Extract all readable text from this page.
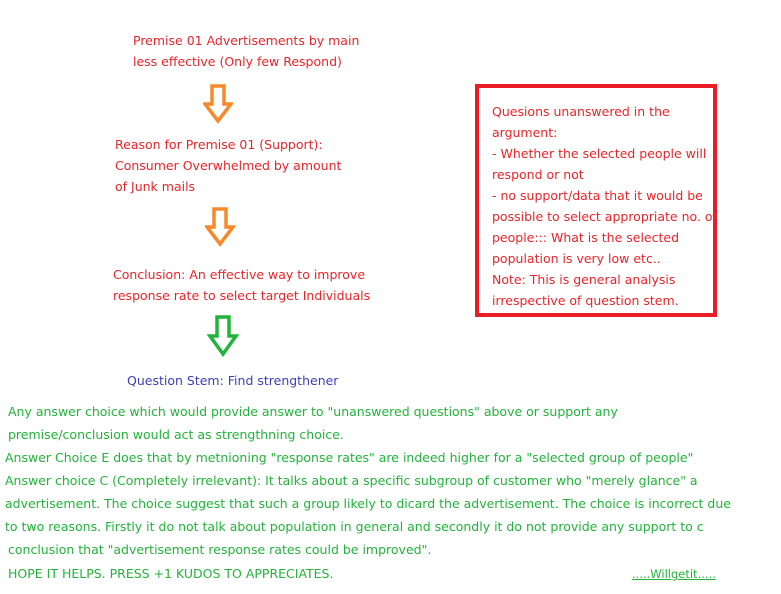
Premise 01 Advertisements by main
less effective (Only few Respond)
Reason for Premise 01 (Support):
Consumer Overwhelmed by amount
of Junk mails
Conclusion: An effective way to improve
response rate to select target Individuals
Question Stem: Find strengthener
Quesions unanswered in the
argument:
- Whether the selected people will
respond or not
- no support/data that it would be
possible to select appropriate no. of
people::: What is the selected
population is very low etc..
Note: This is general analysis
irrespective of question stem.
Any answer choice which would provide answer to "unanswered questions" above or support any
premise/conclusion would act as strengthning choice.
Answer Choice E does that by metnioning "response rates" are indeed higher for a "selected group of people"
Answer choice C (Completely irrelevant): It talks about a specific subgroup of customer who "merely glance" a
advertisement. The choice suggest that such a group likely to dicard the advertisement. The choice is incorrect due
to two reasons. Firstly it do not talk about population in general and secondly it do not provide any support to c
conclusion that "advertisement response rates could be improved".
HOPE IT HELPS. PRESS +1 KUDOS TO APPRECIATES.	.....Willgetit.....
